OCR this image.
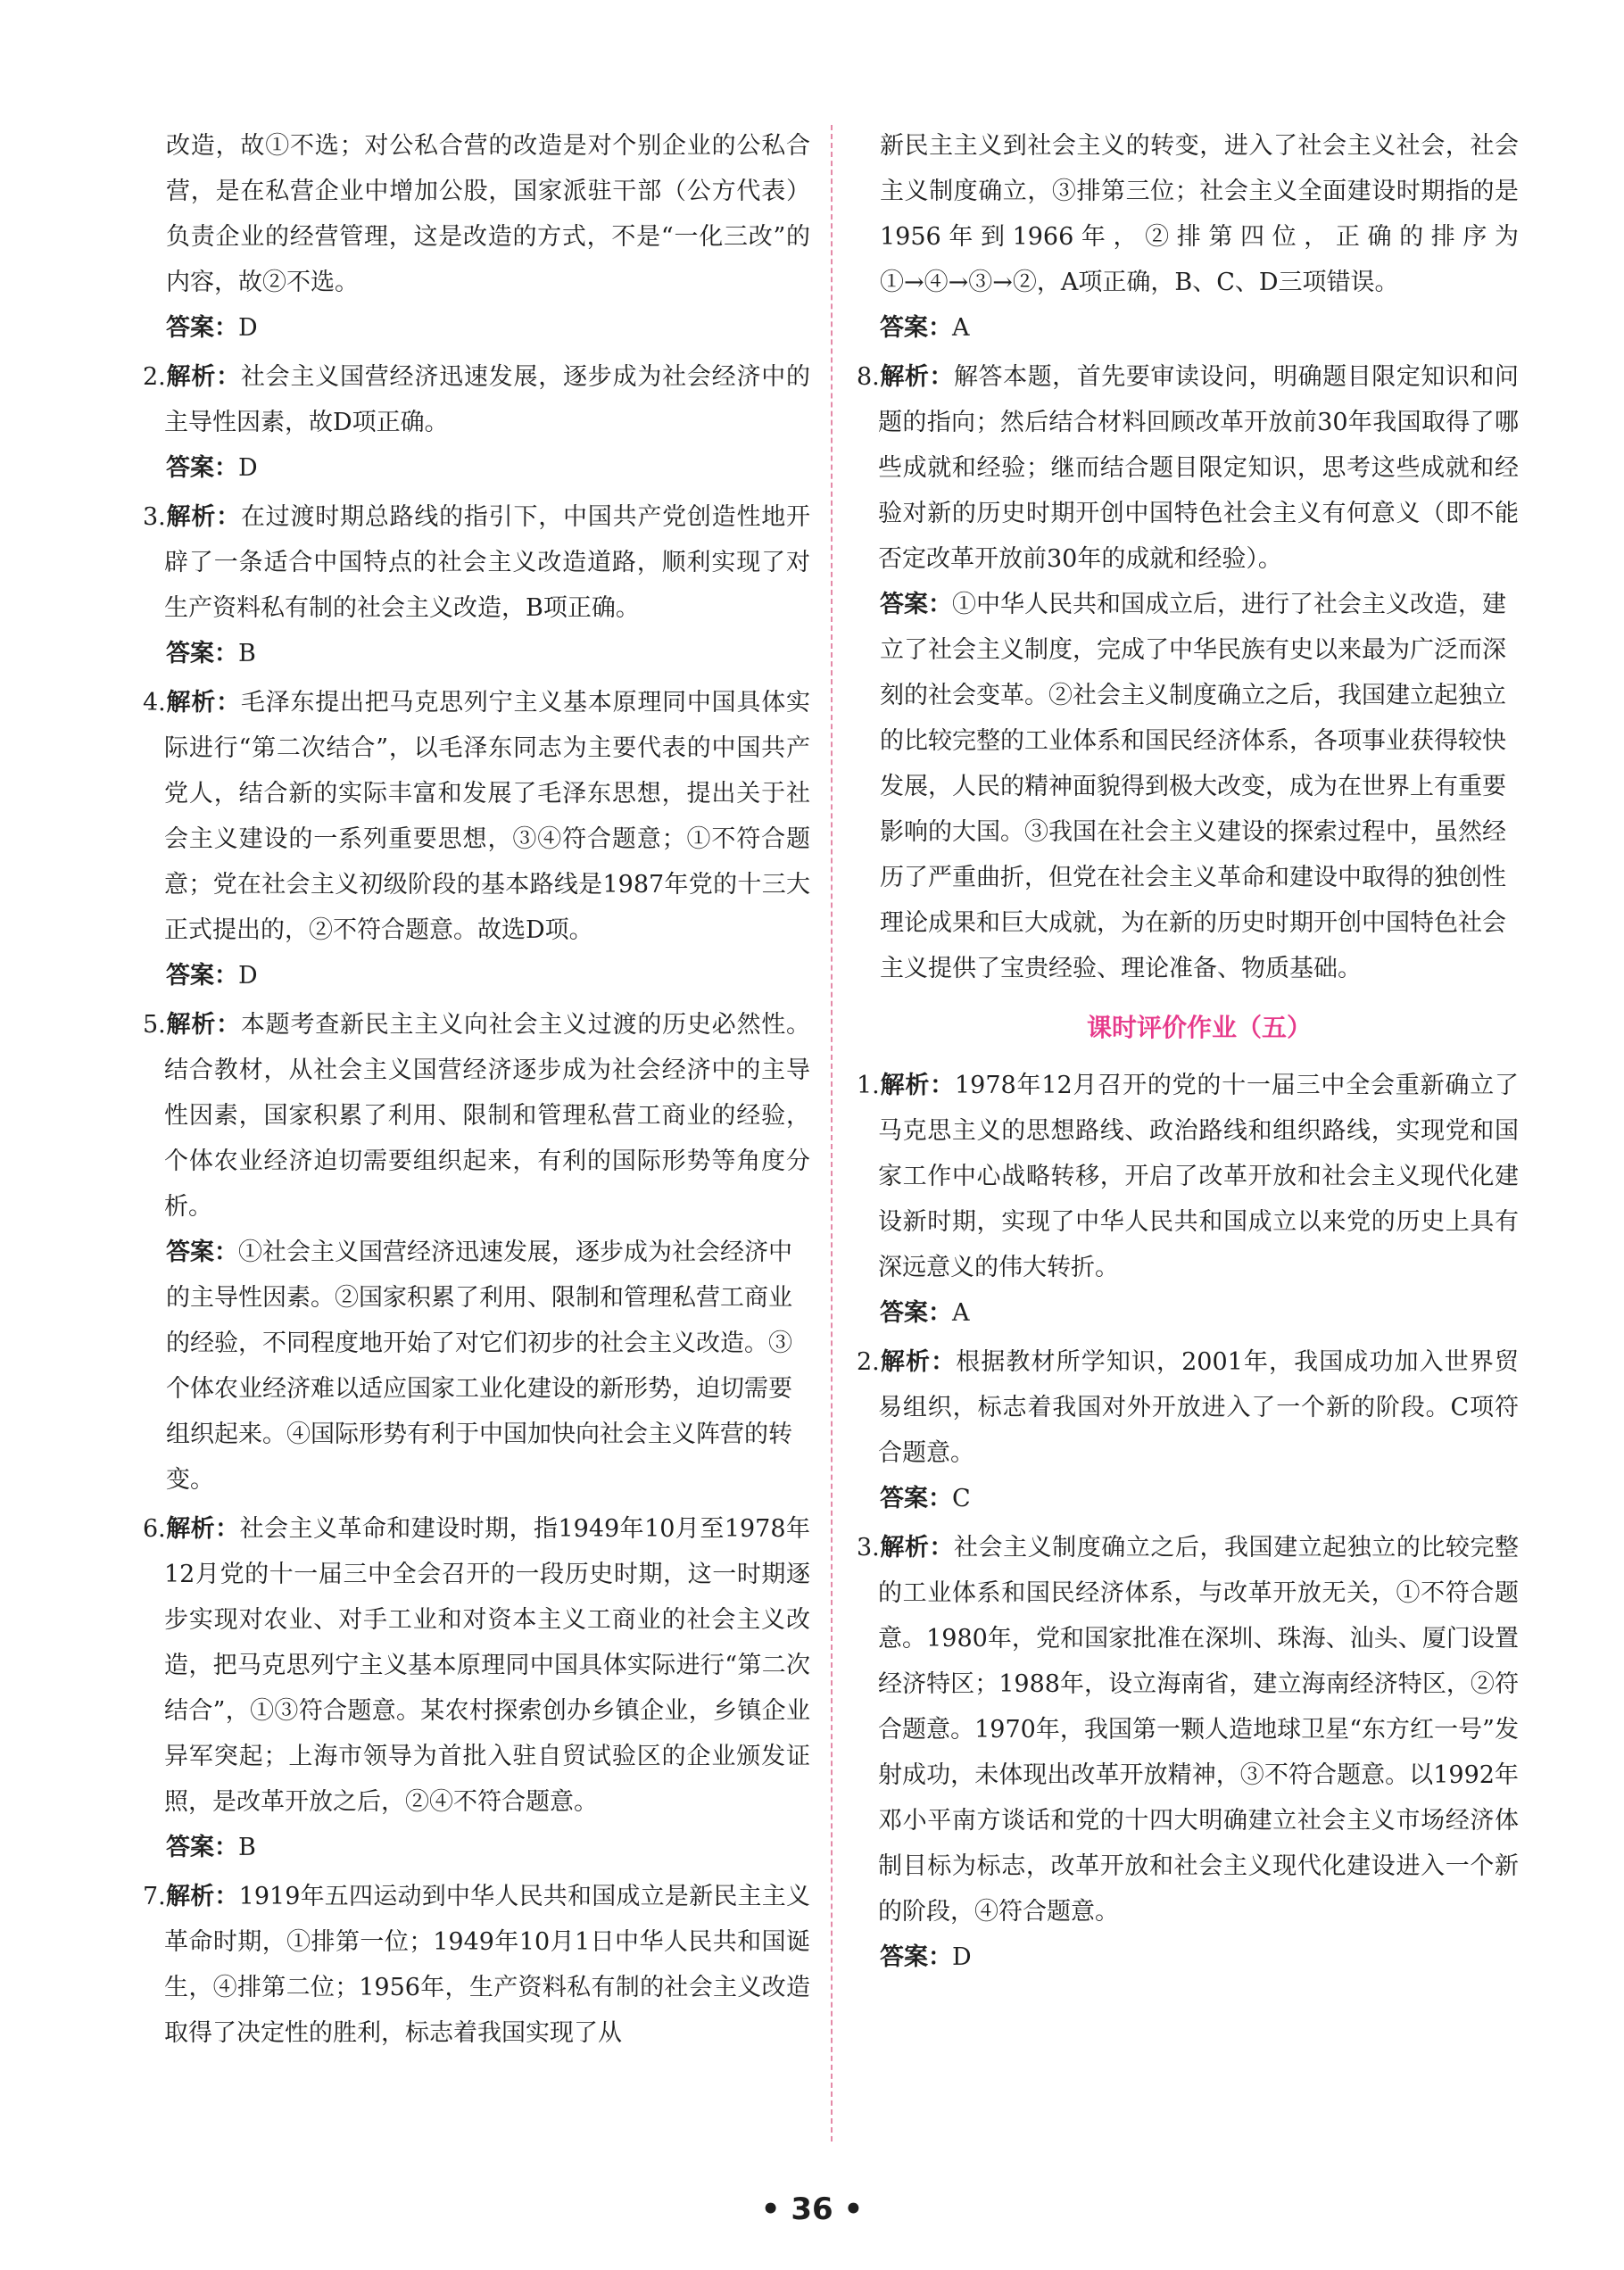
改造，故①不选；对公私合营的改造是对个别企业的公私合营，是在私营企业中增加公股，国家派驻干部（公方代表）负责企业的经营管理，这是改造的方式，不是“一化三改”的内容，故②不选。

答案：D

2.解析：社会主义国营经济迅速发展，逐步成为社会经济中的主导性因素，故D项正确。

答案：D

3.解析：在过渡时期总路线的指引下，中国共产党创造性地开辟了一条适合中国特点的社会主义改造道路，顺利实现了对生产资料私有制的社会主义改造，B项正确。

答案：B

4.解析：毛泽东提出把马克思列宁主义基本原理同中国具体实际进行“第二次结合”，以毛泽东同志为主要代表的中国共产党人，结合新的实际丰富和发展了毛泽东思想，提出关于社会主义建设的一系列重要思想，③④符合题意；①不符合题意；党在社会主义初级阶段的基本路线是1987年党的十三大正式提出的，②不符合题意。故选D项。

答案：D

5.解析：本题考查新民主主义向社会主义过渡的历史必然性。结合教材，从社会主义国营经济逐步成为社会经济中的主导性因素，国家积累了利用、限制和管理私营工商业的经验，个体农业经济迫切需要组织起来，有利的国际形势等角度分析。

答案：①社会主义国营经济迅速发展，逐步成为社会经济中的主导性因素。②国家积累了利用、限制和管理私营工商业的经验，不同程度地开始了对它们初步的社会主义改造。③个体农业经济难以适应国家工业化建设的新形势，迫切需要组织起来。④国际形势有利于中国加快向社会主义阵营的转变。

6.解析：社会主义革命和建设时期，指1949年10月至1978年12月党的十一届三中全会召开的一段历史时期，这一时期逐步实现对农业、对手工业和对资本主义工商业的社会主义改造，把马克思列宁主义基本原理同中国具体实际进行“第二次结合”，①③符合题意。某农村探索创办乡镇企业，乡镇企业异军突起；上海市领导为首批入驻自贸试验区的企业颁发证照，是改革开放之后，②④不符合题意。

答案：B

7.解析：1919年五四运动到中华人民共和国成立是新民主主义革命时期，①排第一位；1949年10月1日中华人民共和国诞生，④排第二位；1956年，生产资料私有制的社会主义改造取得了决定性的胜利，标志着我国实现了从

新民主主义到社会主义的转变，进入了社会主义社会，社会主义制度确立，③排第三位；社会主义全面建设时期指的是1956年到1966年，②排第四位，正确的排序为①→④→③→②，A项正确，B、C、D三项错误。

答案：A

8.解析：解答本题，首先要审读设问，明确题目限定知识和问题的指向；然后结合材料回顾改革开放前30年我国取得了哪些成就和经验；继而结合题目限定知识，思考这些成就和经验对新的历史时期开创中国特色社会主义有何意义（即不能否定改革开放前30年的成就和经验）。

答案：①中华人民共和国成立后，进行了社会主义改造，建立了社会主义制度，完成了中华民族有史以来最为广泛而深刻的社会变革。②社会主义制度确立之后，我国建立起独立的比较完整的工业体系和国民经济体系，各项事业获得较快发展，人民的精神面貌得到极大改变，成为在世界上有重要影响的大国。③我国在社会主义建设的探索过程中，虽然经历了严重曲折，但党在社会主义革命和建设中取得的独创性理论成果和巨大成就，为在新的历史时期开创中国特色社会主义提供了宝贵经验、理论准备、物质基础。

课时评价作业（五）

1.解析：1978年12月召开的党的十一届三中全会重新确立了马克思主义的思想路线、政治路线和组织路线，实现党和国家工作中心战略转移，开启了改革开放和社会主义现代化建设新时期，实现了中华人民共和国成立以来党的历史上具有深远意义的伟大转折。

答案：A

2.解析：根据教材所学知识，2001年，我国成功加入世界贸易组织，标志着我国对外开放进入了一个新的阶段。C项符合题意。

答案：C

3.解析：社会主义制度确立之后，我国建立起独立的比较完整的工业体系和国民经济体系，与改革开放无关，①不符合题意。1980年，党和国家批准在深圳、珠海、汕头、厦门设置经济特区；1988年，设立海南省，建立海南经济特区，②符合题意。1970年，我国第一颗人造地球卫星“东方红一号”发射成功，未体现出改革开放精神，③不符合题意。以1992年邓小平南方谈话和党的十四大明确建立社会主义市场经济体制目标为标志，改革开放和社会主义现代化建设进入一个新的阶段，④符合题意。

答案：D

• 36 •
